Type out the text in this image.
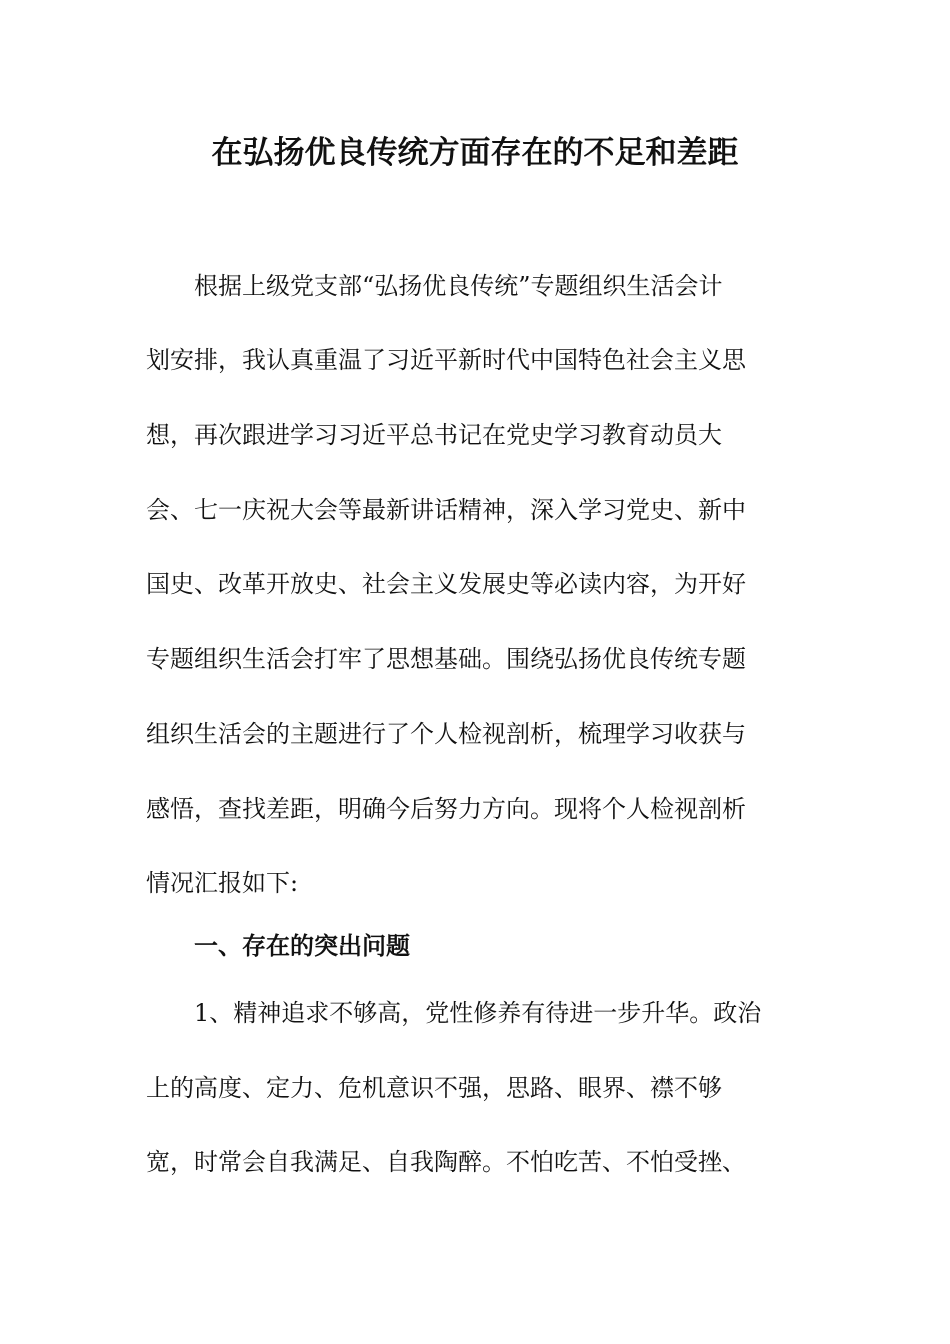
在弘扬优良传统方面存在的不足和差距

根据上级党支部“弘扬优良传统”专题组织生活会计

划安排，我认真重温了习近平新时代中国特色社会主义思

想，再次跟进学习习近平总书记在党史学习教育动员大

会、七一庆祝大会等最新讲话精神，深入学习党史、新中

国史、改革开放史、社会主义发展史等必读内容，为开好

专题组织生活会打牢了思想基础。围绕弘扬优良传统专题

组织生活会的主题进行了个人检视剖析，梳理学习收获与

感悟，查找差距，明确今后努力方向。现将个人检视剖析

情况汇报如下:

一、存在的突出问题

1、精神追求不够高，党性修养有待进一步升华。政治

上的高度、定力、危机意识不强，思路、眼界、襟不够

宽，时常会自我满足、自我陶醉。不怕吃苦、不怕受挫、
